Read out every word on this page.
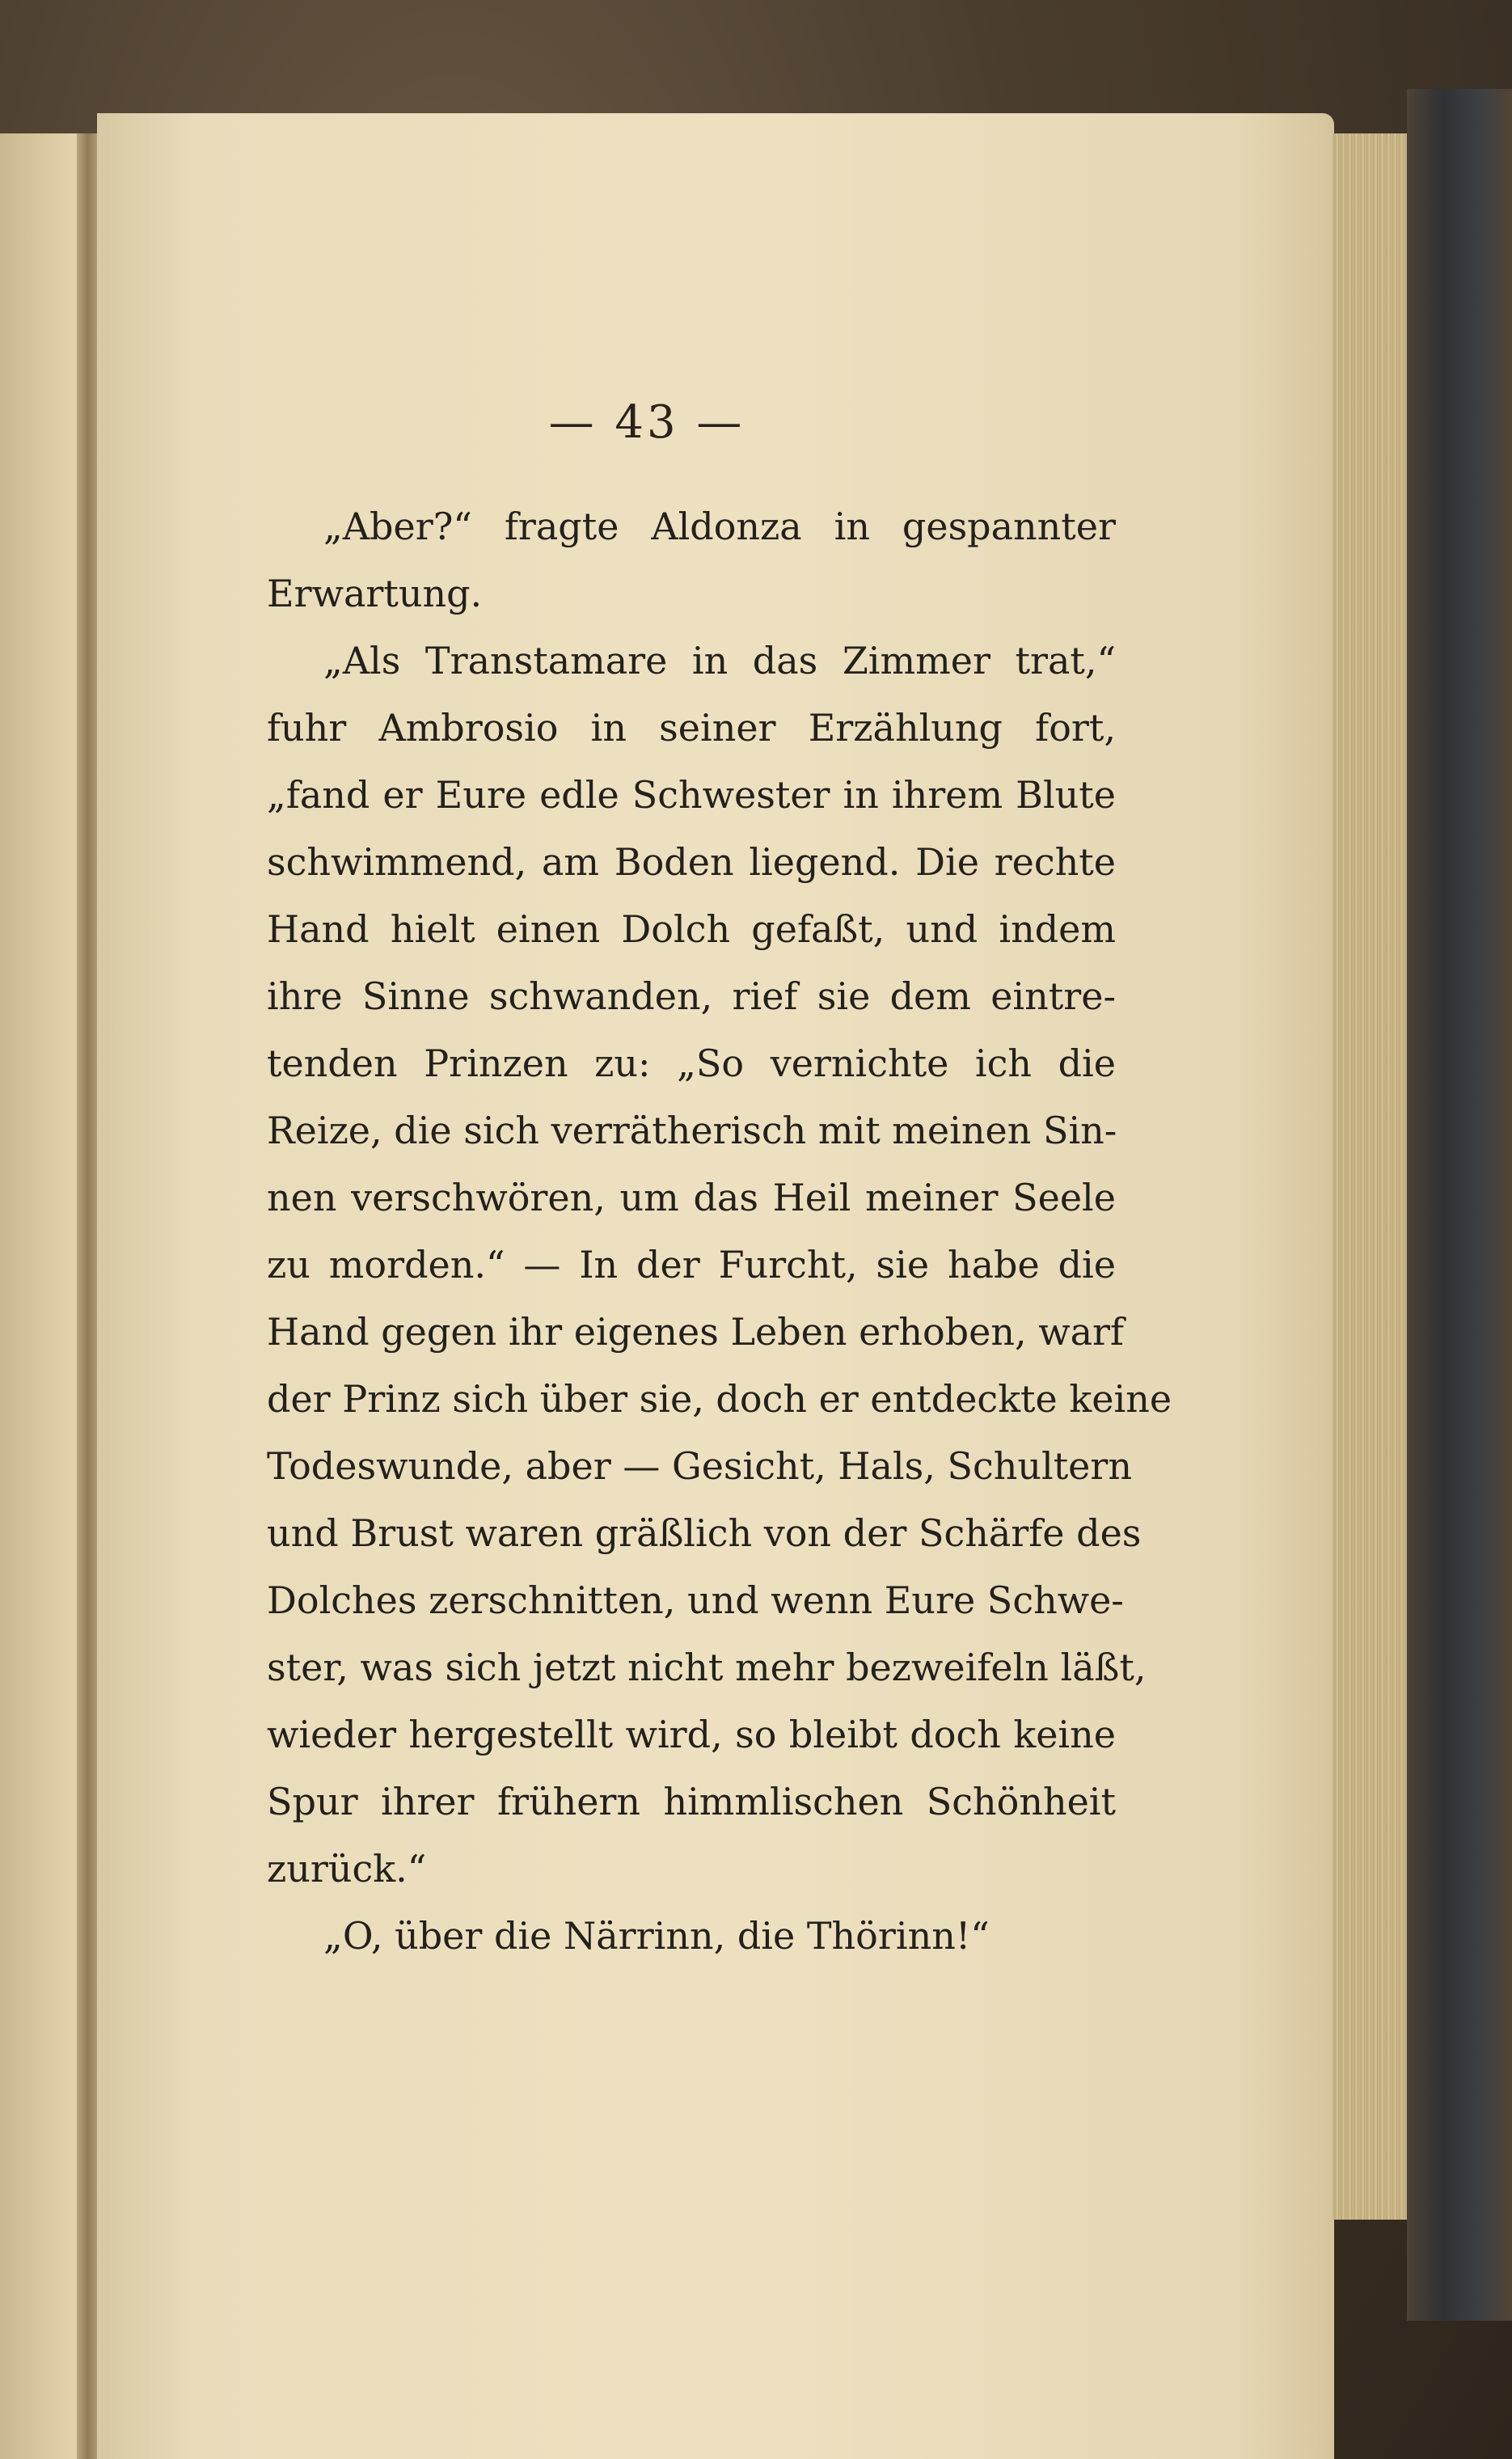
— 43 —
„Aber?“ fragte Aldonza in gespannter
Erwartung.
„Als Transtamare in das Zimmer trat,“
fuhr Ambrosio in seiner Erzählung fort,
„fand er Eure edle Schwester in ihrem Blute
schwimmend, am Boden liegend. Die rechte
Hand hielt einen Dolch gefaßt, und indem
ihre Sinne schwanden, rief sie dem eintre-
tenden Prinzen zu: „So vernichte ich die
Reize, die sich verrätherisch mit meinen Sin-
nen verschwören, um das Heil meiner Seele
zu morden.“ — In der Furcht, sie habe die
Hand gegen ihr eigenes Leben erhoben, warf
der Prinz sich über sie, doch er entdeckte keine
Todeswunde, aber — Gesicht, Hals, Schultern
und Brust waren gräßlich von der Schärfe des
Dolches zerschnitten, und wenn Eure Schwe-
ster, was sich jetzt nicht mehr bezweifeln läßt,
wieder hergestellt wird, so bleibt doch keine
Spur ihrer frühern himmlischen Schönheit
zurück.“
„O, über die Närrinn, die Thörinn!“
